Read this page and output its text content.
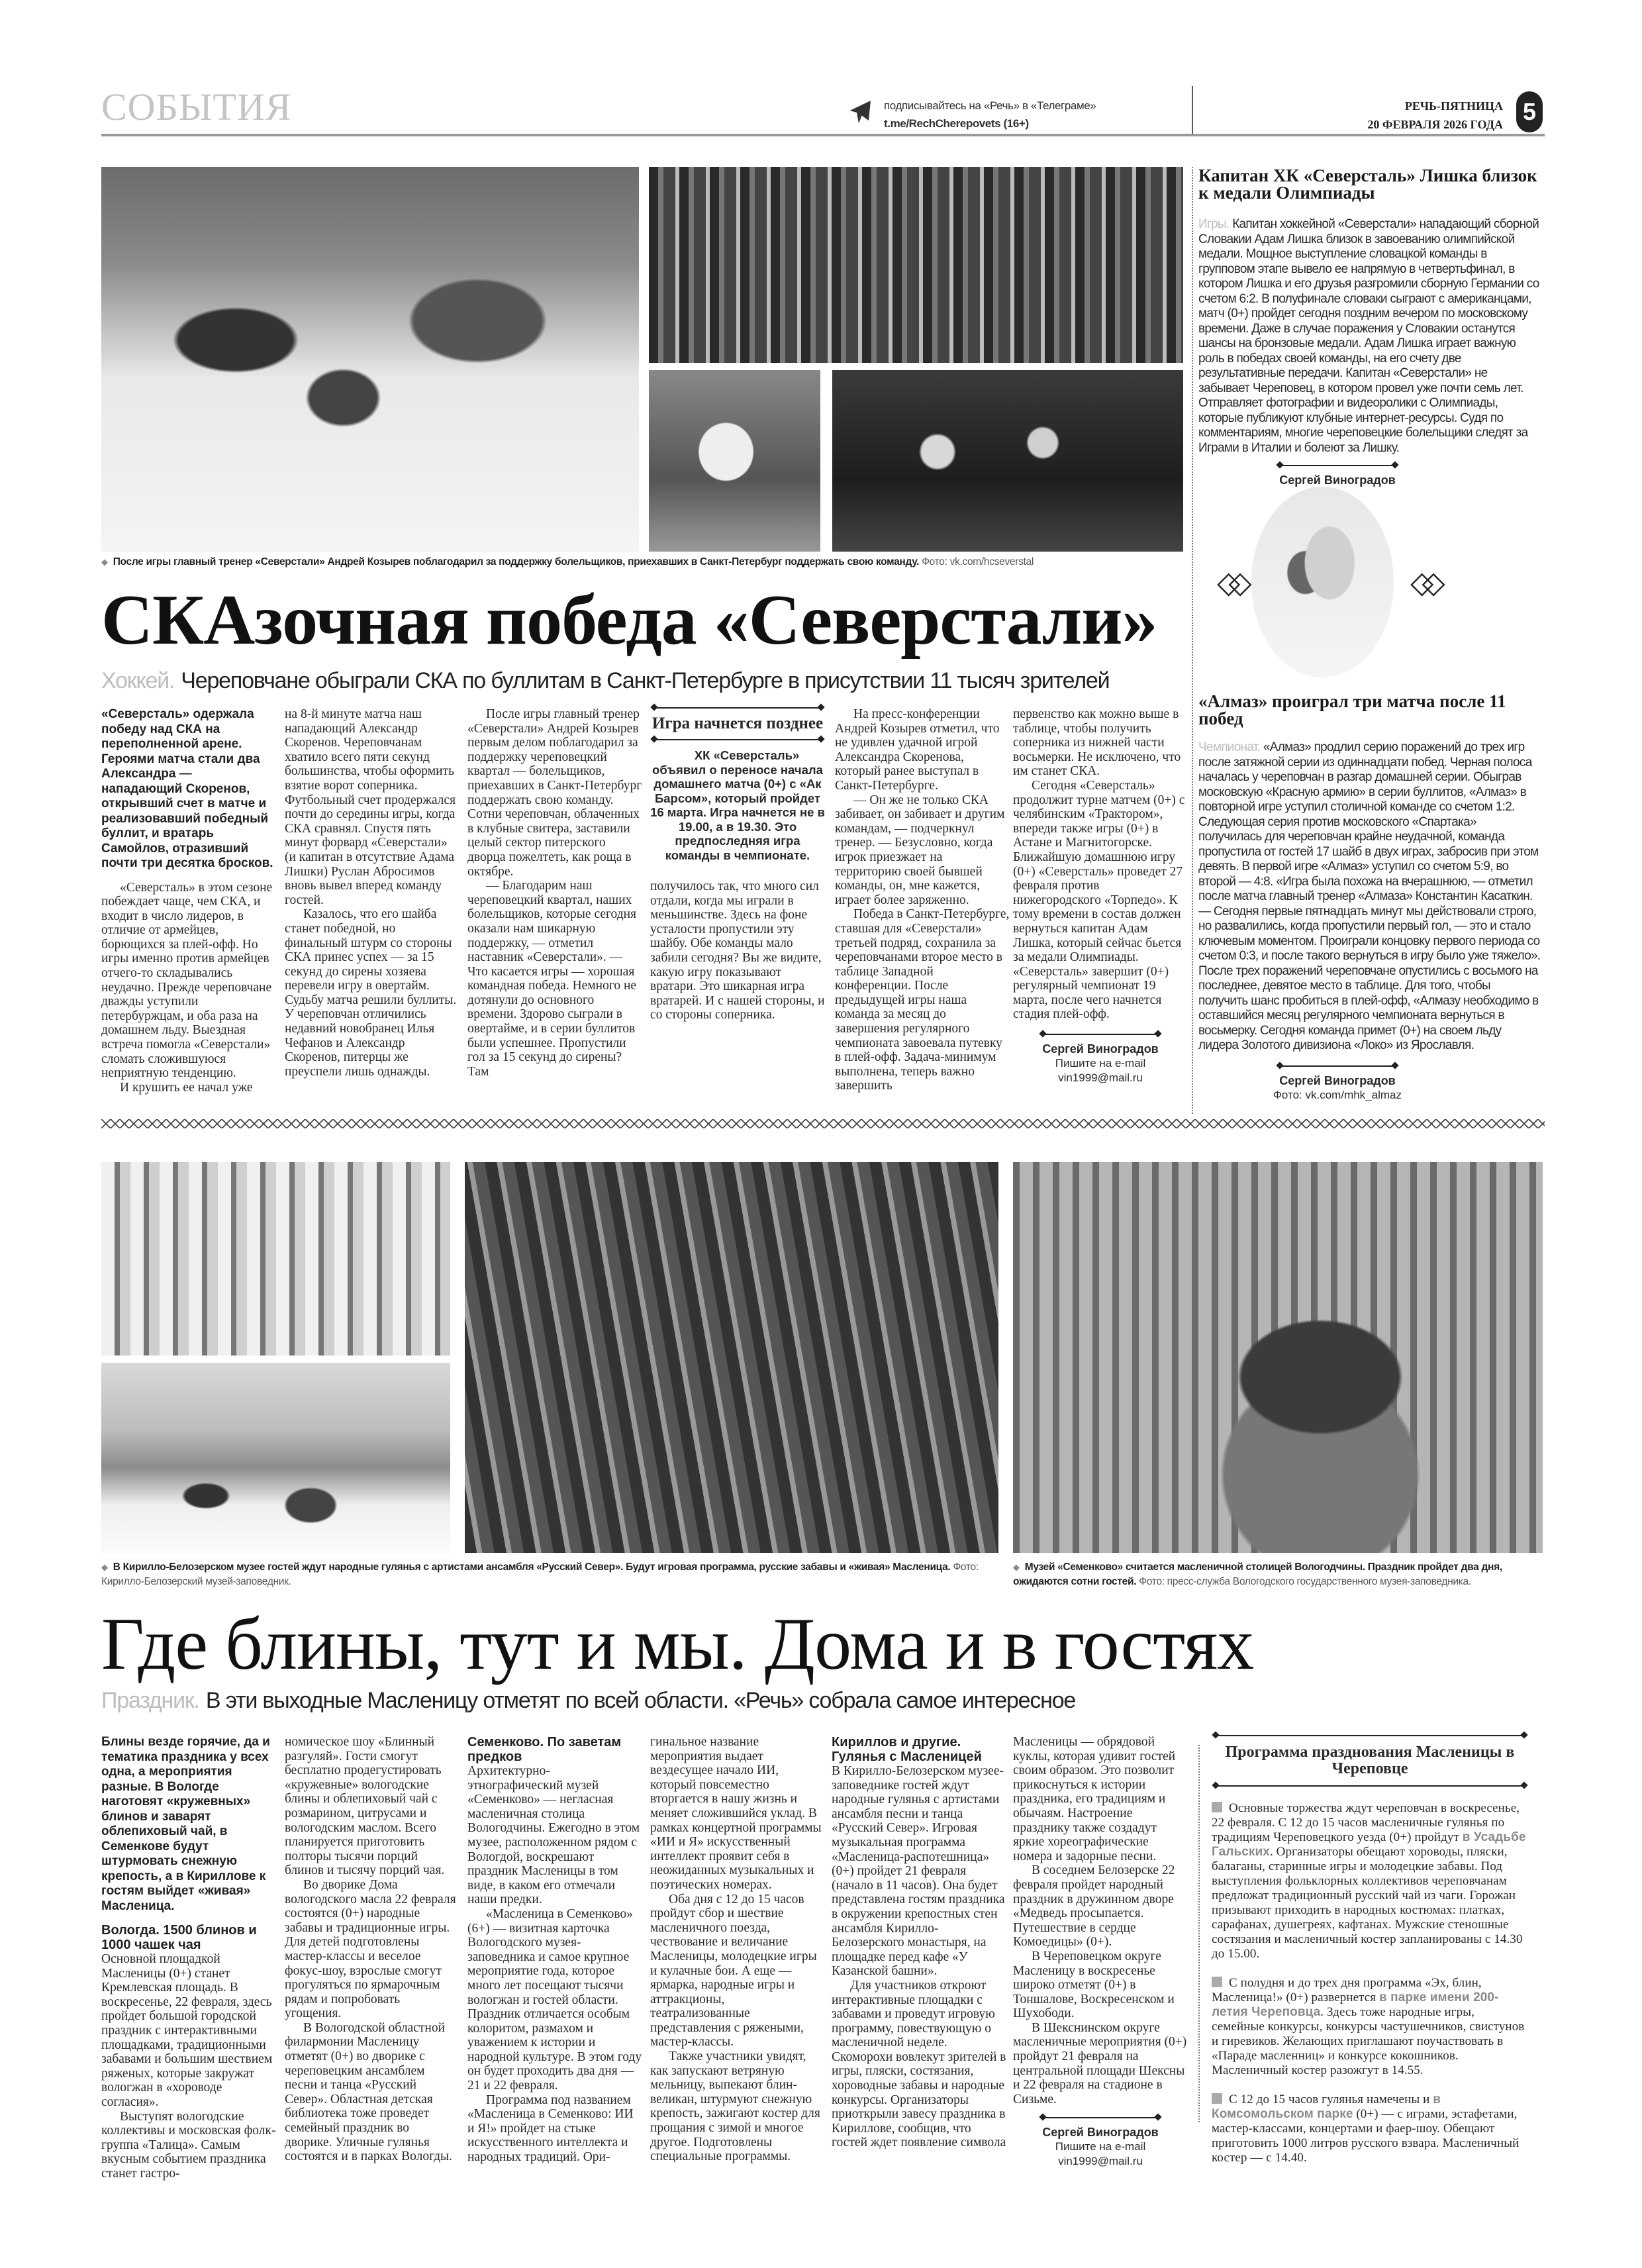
СОБЫТИЯ	подписывайтесь на «Речь» в «Телеграме»
t.me/RechCherepovets (16+)
РЕЧЬ-ПЯТНИЦА
20 ФЕВРАЛЯ 2026 ГОДА 5
◆ После игры главный тренер «Северстали» Андрей Козырев поблагодарил за поддержку болельщиков, приехавших в Санкт-Петербург поддержать свою команду. Фото: vk.com/hcseverstal
СКАзочная победа «Северстали»
Хоккей. Череповчане обыграли СКА по буллитам в Санкт-Петербурге в присутствии 11 тысяч зрителей

«Северсталь» одержала победу над СКА на переполненной арене. Героями матча стали два Александра — нападающий Скоренов, открывший счет в матче и реализовавший победный буллит, и вратарь Самойлов, отразивший почти три десятка бросков.

«Северсталь» в этом сезоне побеждает чаще, чем СКА, и входит в число лидеров, в отличие от армейцев, борющихся за плей-офф. Но игры именно против армейцев отчего-то складывались неудачно. Прежде череповчане дважды уступили петербуржцам, и оба раза на домашнем льду. Выездная встреча помогла «Северстали» сломать сложившуюся неприятную тенденцию.

И крушить ее начал уже

на 8-й минуте матча наш нападающий Александр Скоренов. Череповчанам хватило всего пяти секунд большинства, чтобы оформить взятие ворот соперника. Футбольный счет продержался почти до середины игры, когда СКА сравнял. Спустя пять минут форвард «Северстали» (и капитан в отсутствие Адама Лишки) Руслан Абросимов вновь вывел вперед команду гостей.

Казалось, что его шайба станет победной, но финальный штурм со стороны СКА принес успех — за 15 секунд до сирены хозяева перевели игру в овертайм. Судьбу матча решили буллиты. У череповчан отличились недавний новобранец Илья Чефанов и Александр Скоренов, питерцы же преуспели лишь однажды.

После игры главный тренер «Северстали» Андрей Козырев первым делом поблагодарил за поддержку череповецкий квартал — болельщиков, приехавших в Санкт-Петербург поддержать свою команду. Сотни череповчан, облаченных в клубные свитера, заставили целый сектор питерского дворца пожелтеть, как роща в октябре.

— Благодарим наш череповецкий квартал, наших болельщиков, которые сегодня оказали нам шикарную поддержку, — отметил наставник «Северстали». — Что касается игры — хорошая командная победа. Немного не дотянули до основного времени. Здорово сыграли в овертайме, и в серии буллитов были успешнее. Пропустили гол за 15 секунд до сирены? Там

Игра начнется позднее

ХК «Северсталь» объявил о переносе начала домашнего матча (0+) с «Ак Барсом», который пройдет 16 марта. Игра начнется не в 19.00, а в 19.30. Это предпоследняя игра команды в чемпионате.

получилось так, что много сил отдали, когда мы играли в меньшинстве. Здесь на фоне усталости пропустили эту шайбу. Обе команды мало забили сегодня? Вы же видите, какую игру показывают вратари. Это шикарная игра вратарей. И с нашей стороны, и со стороны соперника.

На пресс-конференции Андрей Козырев отметил, что не удивлен удачной игрой Александра Скоренова, который ранее выступал в Санкт-Петербурге.

— Он же не только СКА забивает, он забивает и другим командам, — подчеркнул тренер. — Безусловно, когда игрок приезжает на территорию своей бывшей команды, он, мне кажется, играет более заряженно.

Победа в Санкт-Петербурге, ставшая для «Северстали» третьей подряд, сохранила за череповчанами второе место в таблице Западной конференции. После предыдущей игры наша команда за месяц до завершения регулярного чемпионата завоевала путевку в плей-офф. Задача-минимум выполнена, теперь важно завершить

первенство как можно выше в таблице, чтобы получить соперника из нижней части восьмерки. Не исключено, что им станет СКА.

Сегодня «Северсталь» продолжит турне матчем (0+) с челябинским «Трактором», впереди также игры (0+) в Астане и Магнитогорске. Ближайшую домашнюю игру (0+) «Северсталь» проведет 27 февраля против нижегородского «Торпедо». К тому времени в состав должен вернуться капитан Адам Лишка, который сейчас бьется за медали Олимпиады. «Северсталь» завершит (0+) регулярный чемпионат 19 марта, после чего начнется стадия плей-офф.

Сергей Виноградов
Пишите на e-mail
vin1999@mail.ru
Капитан ХК «Северсталь» Лишка близок к медали Олимпиады
Игры. Капитан хоккейной «Северстали» нападающий сборной Словакии Адам Лишка близок в завоеванию олимпийской медали. Мощное выступление словацкой команды в групповом этапе вывело ее напрямую в четвертьфинал, в котором Лишка и его друзья разгромили сборную Германии со счетом 6:2. В полуфинале словаки сыграют с американцами, матч (0+) пройдет сегодня поздним вечером по московскому времени. Даже в случае поражения у Словакии останутся шансы на бронзовые медали. Адам Лишка играет важную роль в победах своей команды, на его счету две результативные передачи. Капитан «Северстали» не забывает Череповец, в котором провел уже почти семь лет. Отправляет фотографии и видеоролики с Олимпиады, которые публикуют клубные интернет-ресурсы. Судя по комментариям, многие череповецкие болельщики следят за Играми в Италии и болеют за Лишку.
Сергей Виноградов
◇◇	◇◇
«Алмаз» проиграл три матча после 11 побед
Чемпионат. «Алмаз» продлил серию поражений до трех игр после затяжной серии из одиннадцати побед. Черная полоса началась у череповчан в разгар домашней серии. Обыграв московскую «Красную армию» в серии буллитов, «Алмаз» в повторной игре уступил столичной команде со счетом 1:2. Следующая серия против московского «Спартака» получилась для череповчан крайне неудачной, команда пропустила от гостей 17 шайб в двух играх, забросив при этом девять. В первой игре «Алмаз» уступил со счетом 5:9, во второй — 4:8. «Игра была похожа на вчерашнюю, — отметил после матча главный тренер «Алмаза» Константин Касаткин. — Сегодня первые пятнадцать минут мы действовали строго, но развалились, когда пропустили первый гол, — это и стало ключевым моментом. Проиграли концовку первого периода со счетом 0:3, и после такого вернуться в игру было уже тяжело». После трех поражений череповчане опустились с восьмого на последнее, девятое место в таблице. Для того, чтобы получить шанс пробиться в плей-офф, «Алмазу необходимо в оставшийся месяц регулярного чемпионата вернуться в восьмерку. Сегодня команда примет (0+) на своем льду лидера Золотого дивизиона «Локо» из Ярославля.
Сергей Виноградов
Фото: vk.com/mhk_almaz
◆ В Кирилло-Белозерском музее гостей ждут народные гулянья с артистами ансамбля «Русский Север». Будут игровая программа, русские забавы и «живая» Масленица. Фото: Кирилло-Белозерский музей-заповедник.
◆ Музей «Семенково» считается масленичной столицей Вологодчины. Праздник пройдет два дня, ожидаются сотни гостей. Фото: пресс-служба Вологодского государственного музея-заповедника.
Где блины, тут и мы. Дома и в гостях
Праздник. В эти выходные Масленицу отметят по всей области. «Речь» собрала самое интересное

Блины везде горячие, да и тематика праздника у всех одна, а мероприятия разные. В Вологде наготовят «кружевных» блинов и заварят облепиховый чай, в Семенкове будут штурмовать снежную крепость, а в Кириллове к гостям выйдет «живая» Масленица.

Вологда. 1500 блинов и 1000 чашек чая

Основной площадкой Масленицы (0+) станет Кремлевская площадь. В воскресенье, 22 февраля, здесь пройдет большой городской праздник с интерактивными площадками, традиционными забавами и большим шествием ряженых, которые закружат вологжан в «хороводе согласия».

Выступят вологодские коллективы и московская фолк-группа «Талица». Самым вкусным событием праздника станет гастро-

номическое шоу «Блинный разгуляй». Гости смогут бесплатно продегустировать «кружевные» вологодские блины и облепиховый чай с розмарином, цитрусами и вологодским маслом. Всего планируется приготовить полторы тысячи порций блинов и тысячу порций чая.

Во дворике Дома вологодского масла 22 февраля состоятся (0+) народные забавы и традиционные игры. Для детей подготовлены мастер-классы и веселое фокус-шоу, взрослые смогут прогуляться по ярмарочным рядам и попробовать угощения.

В Вологодской областной филармонии Масленицу отметят (0+) во дворике с череповецким ансамблем песни и танца «Русский Север». Областная детская библиотека тоже проведет семейный праздник во дворике. Уличные гулянья состоятся и в парках Вологды.

Семенково. По заветам предков

Архитектурно-этнографический музей «Семенково» — негласная масленичная столица Вологодчины. Ежегодно в этом музее, расположенном рядом с Вологдой, воскрешают праздник Масленицы в том виде, в каком его отмечали наши предки.

«Масленица в Семенково» (6+) — визитная карточка Вологодского музея-заповедника и самое крупное мероприятие года, которое много лет посещают тысячи вологжан и гостей области. Праздник отличается особым колоритом, размахом и уважением к истории и народной культуре. В этом году он будет проходить два дня — 21 и 22 февраля.

Программа под названием «Масленица в Семенково: ИИ и Я!» пройдет на стыке искусственного интеллекта и народных традиций. Ори-

гинальное название мероприятия выдает вездесущее начало ИИ, который повсеместно вторгается в нашу жизнь и меняет сложившийся уклад. В рамках концертной программы «ИИ и Я» искусственный интеллект проявит себя в неожиданных музыкальных и поэтических номерах.

Оба дня с 12 до 15 часов пройдут сбор и шествие масленичного поезда, чествование и величание Масленицы, молодецкие игры и кулачные бои. А еще — ярмарка, народные игры и аттракционы, театрализованные представления с ряжеными, мастер-классы.

Также участники увидят, как запускают ветряную мельницу, выпекают блин-великан, штурмуют снежную крепость, зажигают костер для прощания с зимой и многое другое. Подготовлены специальные программы.

Кириллов и другие. Гулянья с Масленицей

В Кирилло-Белозерском музее-заповеднике гостей ждут народные гулянья с артистами ансамбля песни и танца «Русский Север». Игровая музыкальная программа «Масленица-распотешница» (0+) пройдет 21 февраля (начало в 11 часов). Она будет представлена гостям праздника в окружении крепостных стен ансамбля Кирилло-Белозерского монастыря, на площадке перед кафе «У Казанской башни».

Для участников откроют интерактивные площадки с забавами и проведут игровую программу, повествующую о масленичной неделе. Скоморохи вовлекут зрителей в игры, пляски, состязания, хороводные забавы и народные конкурсы. Организаторы приоткрыли завесу праздника в Кириллове, сообщив, что гостей ждет появление символа

Масленицы — обрядовой куклы, которая удивит гостей своим образом. Это позволит прикоснуться к истории праздника, его традициям и обычаям. Настроение празднику также создадут яркие хореографические номера и задорные песни.

В соседнем Белозерске 22 февраля пройдет народный праздник в дружинном дворе «Медведь просыпается. Путешествие в сердце Комоедицы» (0+).

В Череповецком округе Масленицу в воскресенье широко отметят (0+) в Тоншалове, Воскресенском и Шухободи.

В Шекснинском округе масленичные мероприятия (0+) пройдут 21 февраля на центральной площади Шексны и 22 февраля на стадионе в Сизьме.

Сергей Виноградов
Пишите на e-mail
vin1999@mail.ru
Программа празднования Масленицы в Череповце
Основные торжества ждут череповчан в воскресенье, 22 февраля. С 12 до 15 часов масленичные гулянья по традициям Череповецкого уезда (0+) пройдут в Усадьбе Гальских. Организаторы обещают хороводы, пляски, балаганы, старинные игры и молодецкие забавы. Под выступления фольклорных коллективов череповчанам предложат традиционный русский чай из чаги. Горожан призывают приходить в народных костюмах: платках, сарафанах, душегреях, кафтанах. Мужские стеношные состязания и масленичный костер запланированы с 14.30 до 15.00.
С полудня и до трех дня программа «Эх, блин, Масленица!» (0+) развернется в парке имени 200-летия Череповца. Здесь тоже народные игры, семейные конкурсы, конкурсы частушечников, свистунов и гиревиков. Желающих приглашают поучаствовать в «Параде масленниц» и конкурсе кокошников. Масленичный костер разожгут в 14.55.
С 12 до 15 часов гулянья намечены и в Комсомольском парке (0+) — с играми, эстафетами, мастер-классами, концертами и фаер-шоу. Обещают приготовить 1000 литров русского взвара. Масленичный костер — с 14.40.
